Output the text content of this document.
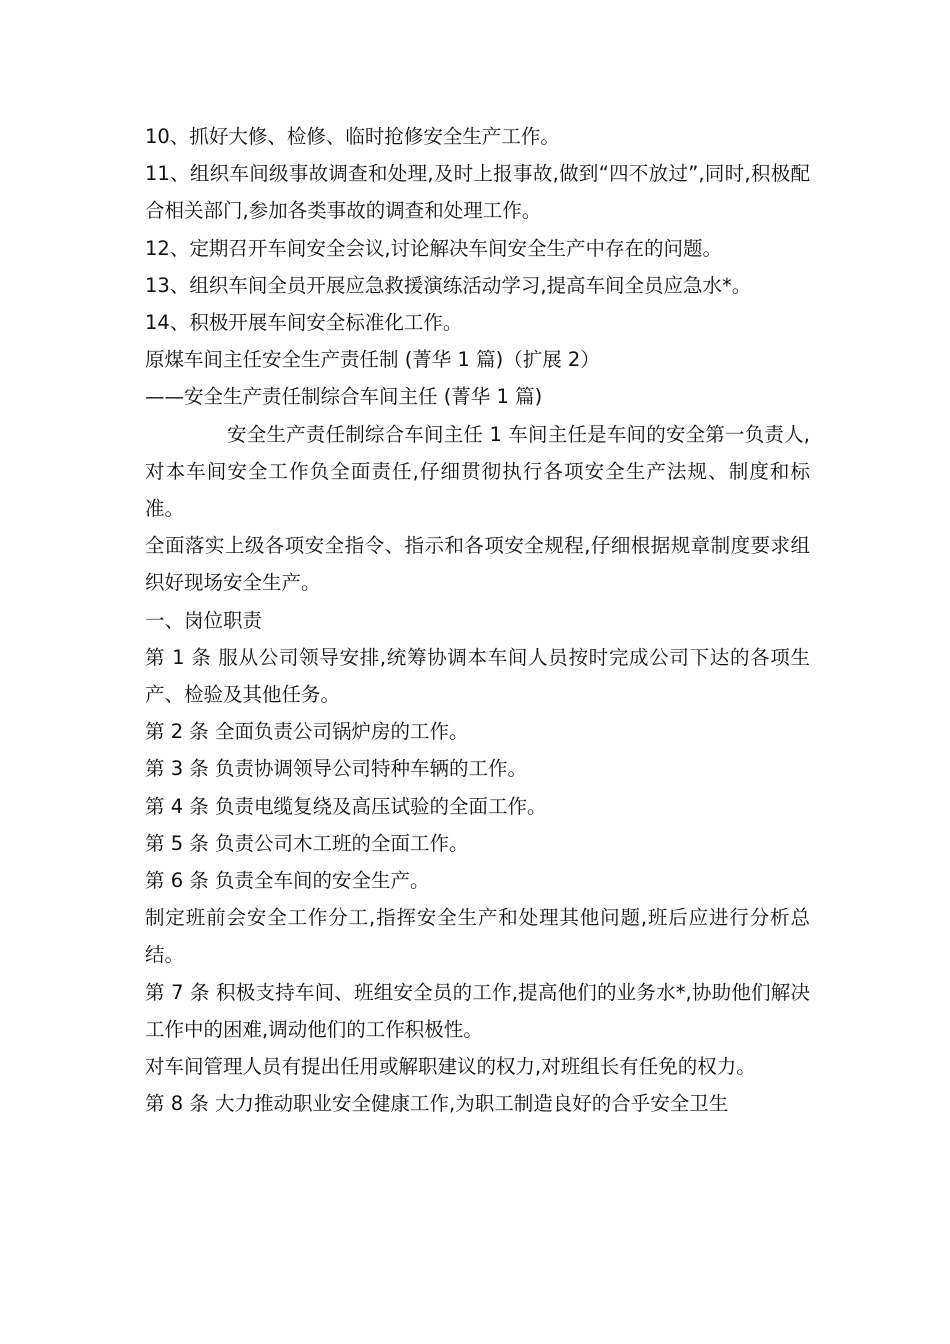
10、抓好大修、检修、临时抢修安全生产工作。

11、组织车间级事故调查和处理,及时上报事故,做到“四不放过”,同时,积极配合相关部门,参加各类事故的调查和处理工作。

12、定期召开车间安全会议,讨论解决车间安全生产中存在的问题。

13、组织车间全员开展应急救援演练活动学习,提高车间全员应急水*。

14、积极开展车间安全标准化工作。

原煤车间主任安全生产责任制 (菁华 1 篇)（扩展 2）

——安全生产责任制综合车间主任 (菁华 1 篇)

安全生产责任制综合车间主任 1 车间主任是车间的安全第一负责人,对本车间安全工作负全面责任,仔细贯彻执行各项安全生产法规、制度和标准。

全面落实上级各项安全指令、指示和各项安全规程,仔细根据规章制度要求组织好现场安全生产。

一、岗位职责

第 1 条 服从公司领导安排,统筹协调本车间人员按时完成公司下达的各项生产、检验及其他任务。

第 2 条 全面负责公司锅炉房的工作。

第 3 条 负责协调领导公司特种车辆的工作。

第 4 条 负责电缆复绕及高压试验的全面工作。

第 5 条 负责公司木工班的全面工作。

第 6 条 负责全车间的安全生产。

制定班前会安全工作分工,指挥安全生产和处理其他问题,班后应进行分析总结。

第 7 条 积极支持车间、班组安全员的工作,提高他们的业务水*,协助他们解决工作中的困难,调动他们的工作积极性。

对车间管理人员有提出任用或解职建议的权力,对班组长有任免的权力。

第 8 条 大力推动职业安全健康工作,为职工制造良好的合乎安全卫生
